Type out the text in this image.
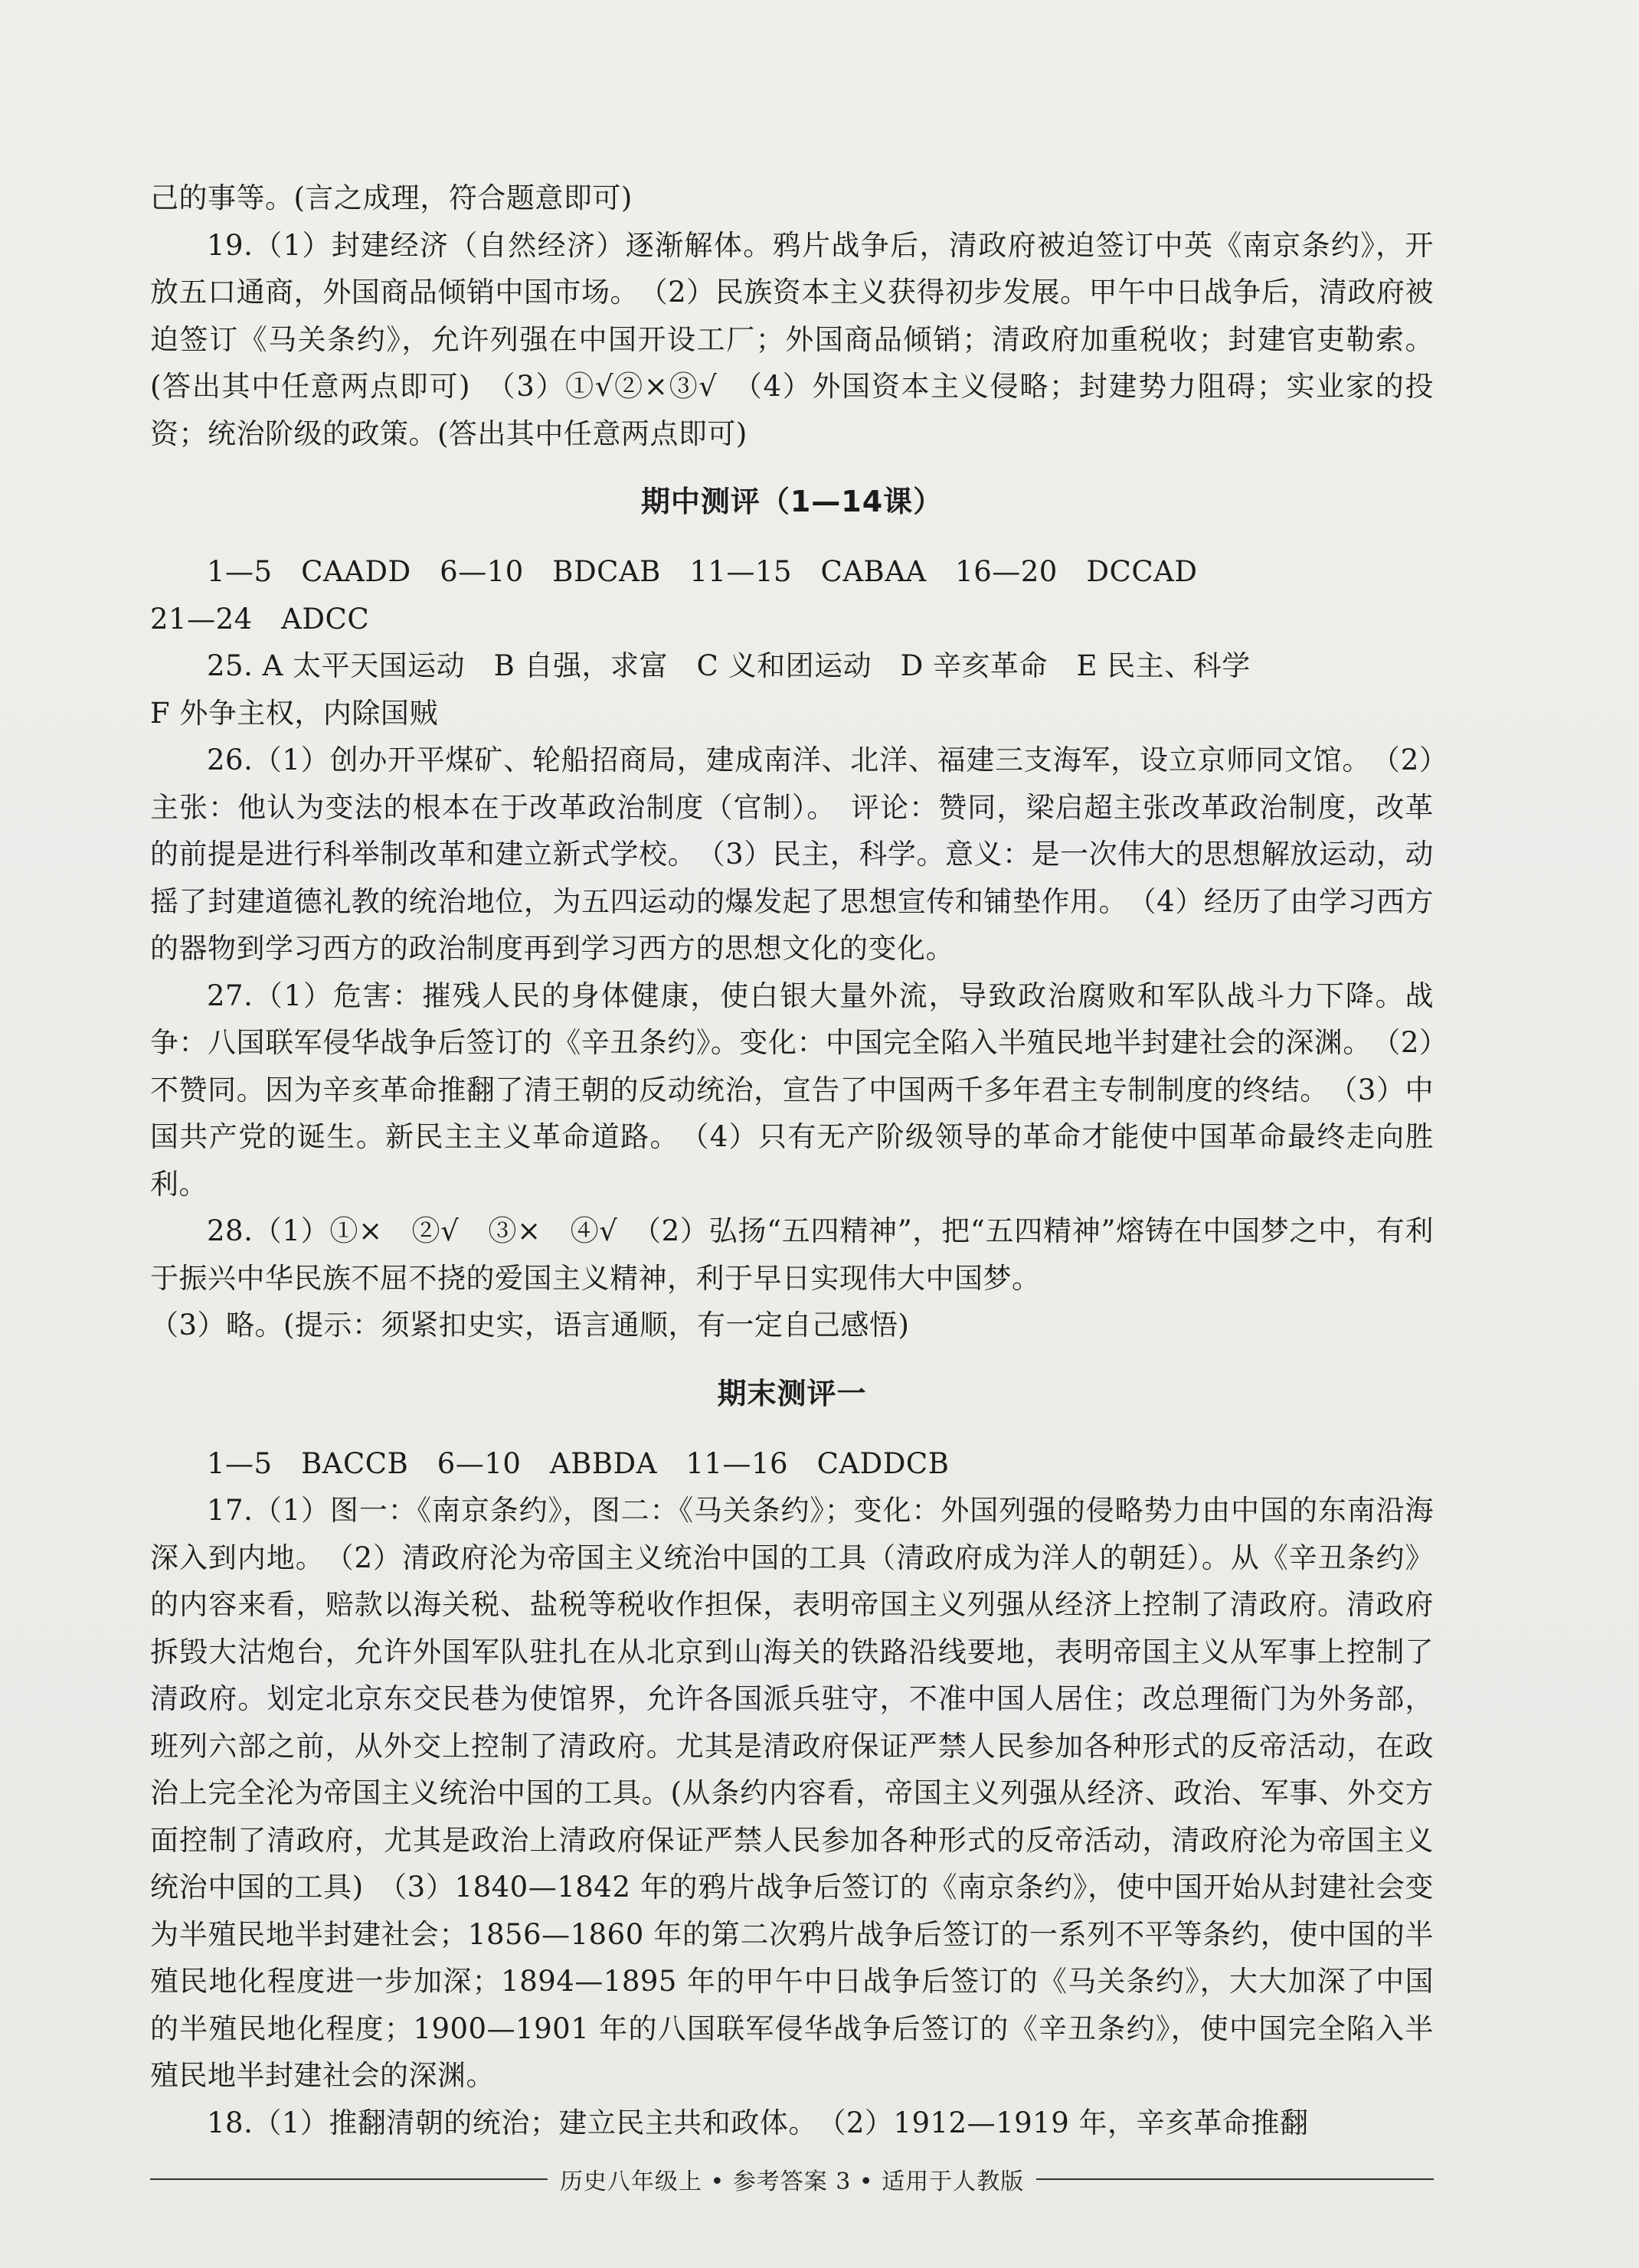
己的事等。(言之成理，符合题意即可)

19.（1）封建经济（自然经济）逐渐解体。鸦片战争后，清政府被迫签订中英《南京条约》，开放五口通商，外国商品倾销中国市场。　（2）民族资本主义获得初步发展。甲午中日战争后，清政府被迫签订《马关条约》，允许列强在中国开设工厂；外国商品倾销；清政府加重税收；封建官吏勒索。(答出其中任意两点即可)　（3）①√②×③√　（4）外国资本主义侵略；封建势力阻碍；实业家的投资；统治阶级的政策。(答出其中任意两点即可)

期中测评（1—14课）

1—5　CAADD　6—10　BDCAB　11—15　CABAA　16—20　DCCAD

21—24　ADCC

25. A 太平天国运动　B 自强，求富　C 义和团运动　D 辛亥革命　E 民主、科学

F 外争主权，内除国贼

26.（1）创办开平煤矿、轮船招商局，建成南洋、北洋、福建三支海军，设立京师同文馆。　（2）主张：他认为变法的根本在于改革政治制度（官制）。　评论：赞同，梁启超主张改革政治制度，改革的前提是进行科举制改革和建立新式学校。　（3）民主，科学。意义：是一次伟大的思想解放运动，动摇了封建道德礼教的统治地位，为五四运动的爆发起了思想宣传和铺垫作用。　（4）经历了由学习西方的器物到学习西方的政治制度再到学习西方的思想文化的变化。

27.（1）危害：摧残人民的身体健康，使白银大量外流，导致政治腐败和军队战斗力下降。战争：八国联军侵华战争后签订的《辛丑条约》。变化：中国完全陷入半殖民地半封建社会的深渊。　（2）不赞同。因为辛亥革命推翻了清王朝的反动统治，宣告了中国两千多年君主专制制度的终结。　（3）中国共产党的诞生。新民主主义革命道路。　（4）只有无产阶级领导的革命才能使中国革命最终走向胜利。

28.（1）①×　②√　③×　④√　（2）弘扬“五四精神”，把“五四精神”熔铸在中国梦之中，有利于振兴中华民族不屈不挠的爱国主义精神，利于早日实现伟大中国梦。

（3）略。(提示：须紧扣史实，语言通顺，有一定自己感悟)

期末测评一

1—5　BACCB　6—10　ABBDA　11—16　CADDCB

17.（1）图一：《南京条约》，图二：《马关条约》；变化：外国列强的侵略势力由中国的东南沿海深入到内地。　（2）清政府沦为帝国主义统治中国的工具（清政府成为洋人的朝廷）。从《辛丑条约》的内容来看，赔款以海关税、盐税等税收作担保，表明帝国主义列强从经济上控制了清政府。清政府拆毁大沽炮台，允许外国军队驻扎在从北京到山海关的铁路沿线要地，表明帝国主义从军事上控制了清政府。划定北京东交民巷为使馆界，允许各国派兵驻守，不准中国人居住；改总理衙门为外务部，班列六部之前，从外交上控制了清政府。尤其是清政府保证严禁人民参加各种形式的反帝活动，在政治上完全沦为帝国主义统治中国的工具。(从条约内容看，帝国主义列强从经济、政治、军事、外交方面控制了清政府，尤其是政治上清政府保证严禁人民参加各种形式的反帝活动，清政府沦为帝国主义统治中国的工具)　（3）1840—1842 年的鸦片战争后签订的《南京条约》，使中国开始从封建社会变为半殖民地半封建社会；1856—1860 年的第二次鸦片战争后签订的一系列不平等条约，使中国的半殖民地化程度进一步加深；1894—1895 年的甲午中日战争后签订的《马关条约》，大大加深了中国的半殖民地化程度；1900—1901 年的八国联军侵华战争后签订的《辛丑条约》，使中国完全陷入半殖民地半封建社会的深渊。

18.（1）推翻清朝的统治；建立民主共和政体。　（2）1912—1919 年，辛亥革命推翻

历史八年级上 • 参考答案 3 • 适用于人教版
